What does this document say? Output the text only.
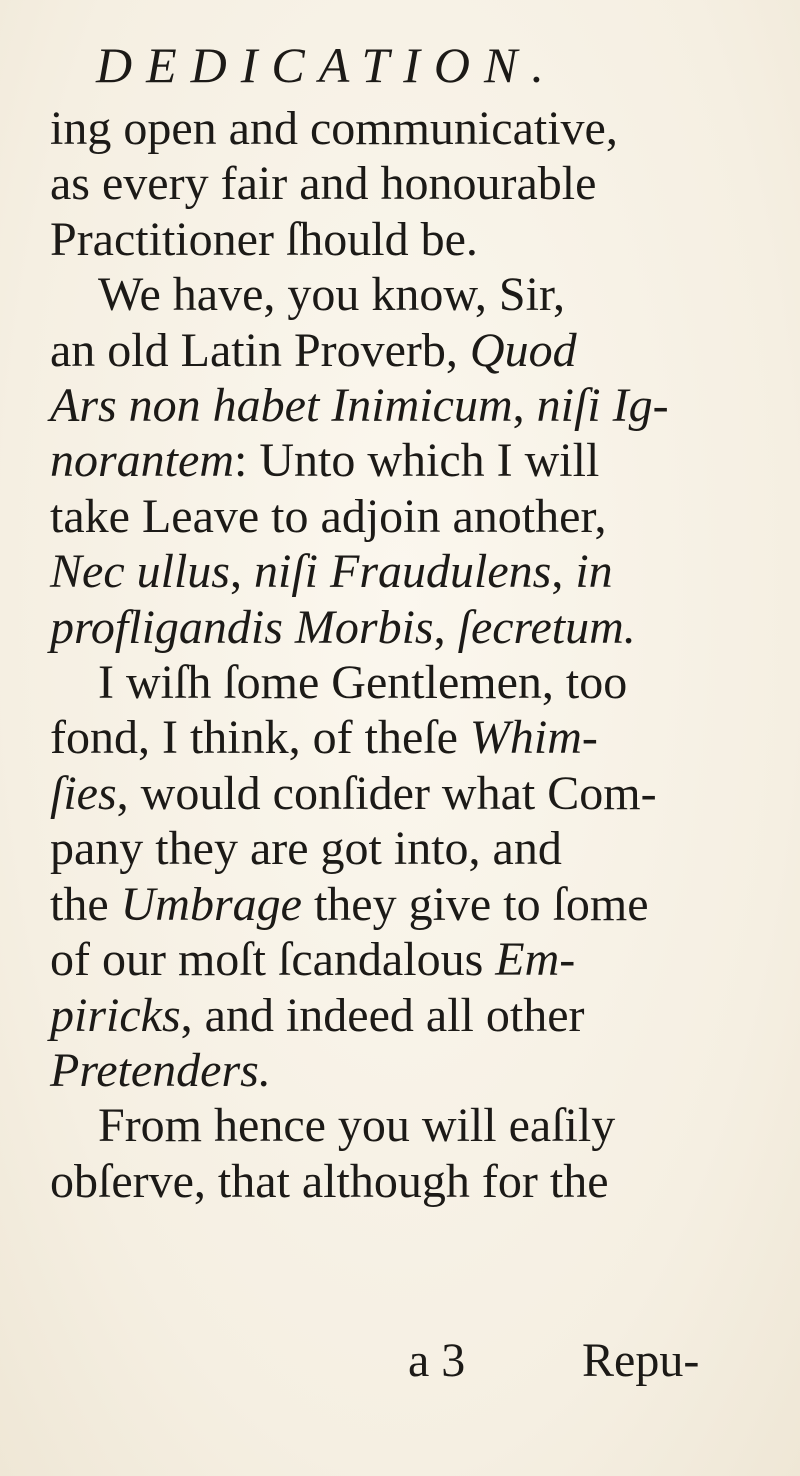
DEDICATION.
ing open and communicative,
as every fair and honourable
Practitioner ſhould be.
We have, you know, Sir,
an old Latin Proverb, Quod
Ars non habet Inimicum, niſi Ig-
norantem: Unto which I will
take Leave to adjoin another,
Nec ullus, niſi Fraudulens, in
profligandis Morbis, ſecretum.
I wiſh ſome Gentlemen, too
fond, I think, of theſe Whim-
ſies, would conſider what Com-
pany they are got into, and
the Umbrage they give to ſome
of our moſt ſcandalous Em-
piricks, and indeed all other
Pretenders.
From hence you will eaſily
obſerve, that although for the
a 3 Repu-
